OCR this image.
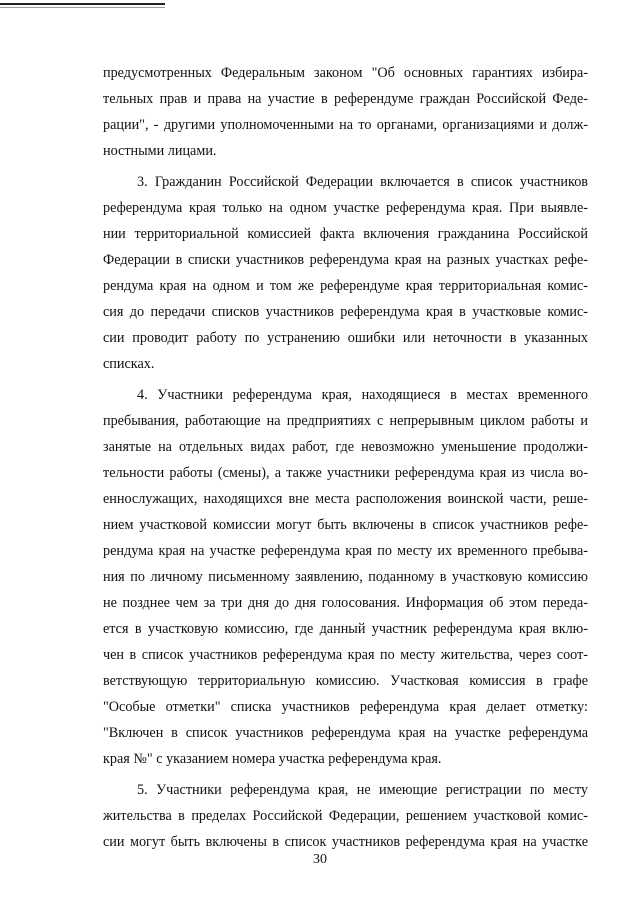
предусмотренных Федеральным законом "Об основных гарантиях избира-
тельных прав и права на участие в референдуме граждан Российской Феде-
рации", - другими уполномоченными на то органами, организациями и долж-
ностными лицами.
3. Гражданин Российской Федерации включается в список участников
референдума края только на одном участке референдума края. При выявле-
нии территориальной комиссией факта включения гражданина Российской
Федерации в списки участников референдума края на разных участках рефе-
рендума края на одном и том же референдуме края территориальная комис-
сия до передачи списков участников референдума края в участковые комис-
сии проводит работу по устранению ошибки или неточности в указанных
списках.
4. Участники референдума края, находящиеся в местах временного
пребывания, работающие на предприятиях с непрерывным циклом работы и
занятые на отдельных видах работ, где невозможно уменьшение продолжи-
тельности работы (смены), а также участники референдума края из числа во-
еннослужащих, находящихся вне места расположения воинской части, реше-
нием участковой комиссии могут быть включены в список участников рефе-
рендума края на участке референдума края по месту их временного пребыва-
ния по личному письменному заявлению, поданному в участковую комиссию
не позднее чем за три дня до дня голосования. Информация об этом переда-
ется в участковую комиссию, где данный участник референдума края вклю-
чен в список участников референдума края по месту жительства, через соот-
ветствующую территориальную комиссию. Участковая комиссия в графе
"Особые отметки" списка участников референдума края делает отметку:
"Включен в список участников референдума края на участке референдума
края №" с указанием номера участка референдума края.
5. Участники референдума края, не имеющие регистрации по месту
жительства в пределах Российской Федерации, решением участковой комис-
сии могут быть включены в список участников референдума края на участке
30
